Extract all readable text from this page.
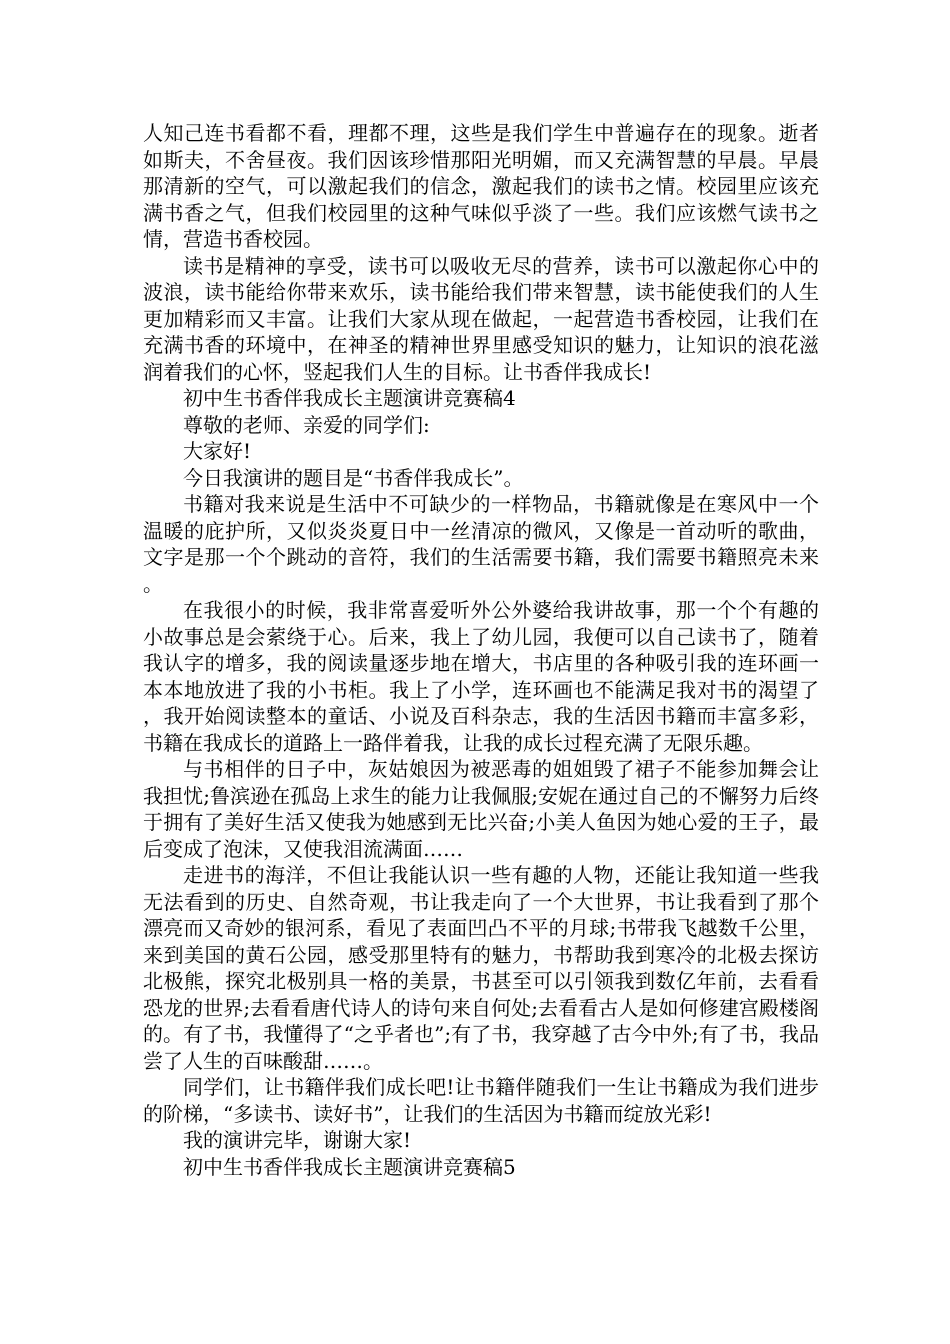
人知己连书看都不看，理都不理，这些是我们学生中普遍存在的现象。逝者如斯夫，不舍昼夜。我们因该珍惜那阳光明媚，而又充满智慧的早晨。早晨那清新的空气，可以激起我们的信念，激起我们的读书之情。校园里应该充满书香之气，但我们校园里的这种气味似乎淡了一些。我们应该燃气读书之情，营造书香校园。

读书是精神的享受，读书可以吸收无尽的营养，读书可以激起你心中的波浪，读书能给你带来欢乐，读书能给我们带来智慧，读书能使我们的人生更加精彩而又丰富。让我们大家从现在做起，一起营造书香校园，让我们在充满书香的环境中，在神圣的精神世界里感受知识的魅力，让知识的浪花滋润着我们的心怀，竖起我们人生的目标。让书香伴我成长!

初中生书香伴我成长主题演讲竞赛稿4

尊敬的老师、亲爱的同学们:

大家好!

今日我演讲的题目是“书香伴我成长”。

书籍对我来说是生活中不可缺少的一样物品，书籍就像是在寒风中一个温暖的庇护所，又似炎炎夏日中一丝清凉的微风，又像是一首动听的歌曲，文字是那一个个跳动的音符，我们的生活需要书籍，我们需要书籍照亮未来。

在我很小的时候，我非常喜爱听外公外婆给我讲故事，那一个个有趣的小故事总是会萦绕于心。后来，我上了幼儿园，我便可以自己读书了，随着我认字的增多，我的阅读量逐步地在增大，书店里的各种吸引我的连环画一本本地放进了我的小书柜。我上了小学，连环画也不能满足我对书的渴望了，我开始阅读整本的童话、小说及百科杂志，我的生活因书籍而丰富多彩，书籍在我成长的道路上一路伴着我，让我的成长过程充满了无限乐趣。

与书相伴的日子中，灰姑娘因为被恶毒的姐姐毁了裙子不能参加舞会让我担忧;鲁滨逊在孤岛上求生的能力让我佩服;安妮在通过自己的不懈努力后终于拥有了美好生活又使我为她感到无比兴奋;小美人鱼因为她心爱的王子，最后变成了泡沫，又使我泪流满面……

走进书的海洋，不但让我能认识一些有趣的人物，还能让我知道一些我无法看到的历史、自然奇观，书让我走向了一个大世界，书让我看到了那个漂亮而又奇妙的银河系，看见了表面凹凸不平的月球;书带我飞越数千公里，来到美国的黄石公园，感受那里特有的魅力，书帮助我到寒冷的北极去探访北极熊，探究北极别具一格的美景，书甚至可以引领我到数亿年前，去看看恐龙的世界;去看看唐代诗人的诗句来自何处;去看看古人是如何修建宫殿楼阁的。有了书，我懂得了“之乎者也”;有了书，我穿越了古今中外;有了书，我品尝了人生的百味酸甜……。

同学们，让书籍伴我们成长吧!让书籍伴随我们一生让书籍成为我们进步的阶梯，“多读书、读好书”，让我们的生活因为书籍而绽放光彩!

我的演讲完毕，谢谢大家!

初中生书香伴我成长主题演讲竞赛稿5
